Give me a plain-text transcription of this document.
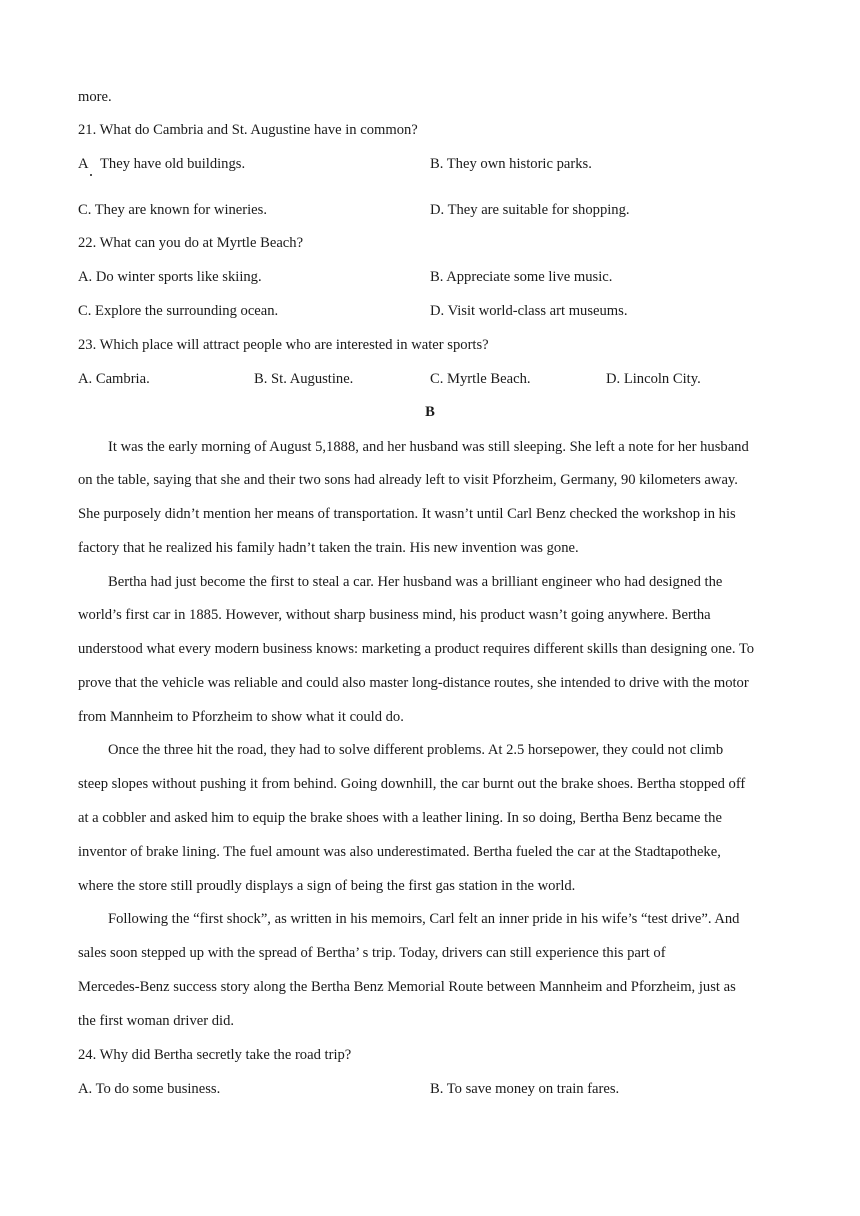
more.
21. What do Cambria and St. Augustine have in common?
A They have old buildings.	B. They own historic parks.
C. They are known for wineries.	D. They are suitable for shopping.
22. What can you do at Myrtle Beach?
A. Do winter sports like skiing.	B. Appreciate some live music.
C. Explore the surrounding ocean.	D. Visit world-class art museums.
23. Which place will attract people who are interested in water sports?
A. Cambria.	B. St. Augustine.	C. Myrtle Beach.	D. Lincoln City.
B
It was the early morning of August 5,1888, and her husband was still sleeping. She left a note for her husband
on the table, saying that she and their two sons had already left to visit Pforzheim, Germany, 90 kilometers away.
She purposely didn’t mention her means of transportation. It wasn’t until Carl Benz checked the workshop in his
factory that he realized his family hadn’t taken the train. His new invention was gone.
Bertha had just become the first to steal a car. Her husband was a brilliant engineer who had designed the
world’s first car in 1885. However, without sharp business mind, his product wasn’t going anywhere. Bertha
understood what every modern business knows: marketing a product requires different skills than designing one. To
prove that the vehicle was reliable and could also master long-distance routes, she intended to drive with the motor
from Mannheim to Pforzheim to show what it could do.
Once the three hit the road, they had to solve different problems. At 2.5 horsepower, they could not climb
steep slopes without pushing it from behind. Going downhill, the car burnt out the brake shoes. Bertha stopped off
at a cobbler and asked him to equip the brake shoes with a leather lining. In so doing, Bertha Benz became the
inventor of brake lining. The fuel amount was also underestimated. Bertha fueled the car at the Stadtapotheke,
where the store still proudly displays a sign of being the first gas station in the world.
Following the “first shock”, as written in his memoirs, Carl felt an inner pride in his wife’s “test drive”. And
sales soon stepped up with the spread of Bertha’ s trip. Today, drivers can still experience this part of
Mercedes-Benz success story along the Bertha Benz Memorial Route between Mannheim and Pforzheim, just as
the first woman driver did.
24. Why did Bertha secretly take the road trip?
A. To do some business.	B. To save money on train fares.
